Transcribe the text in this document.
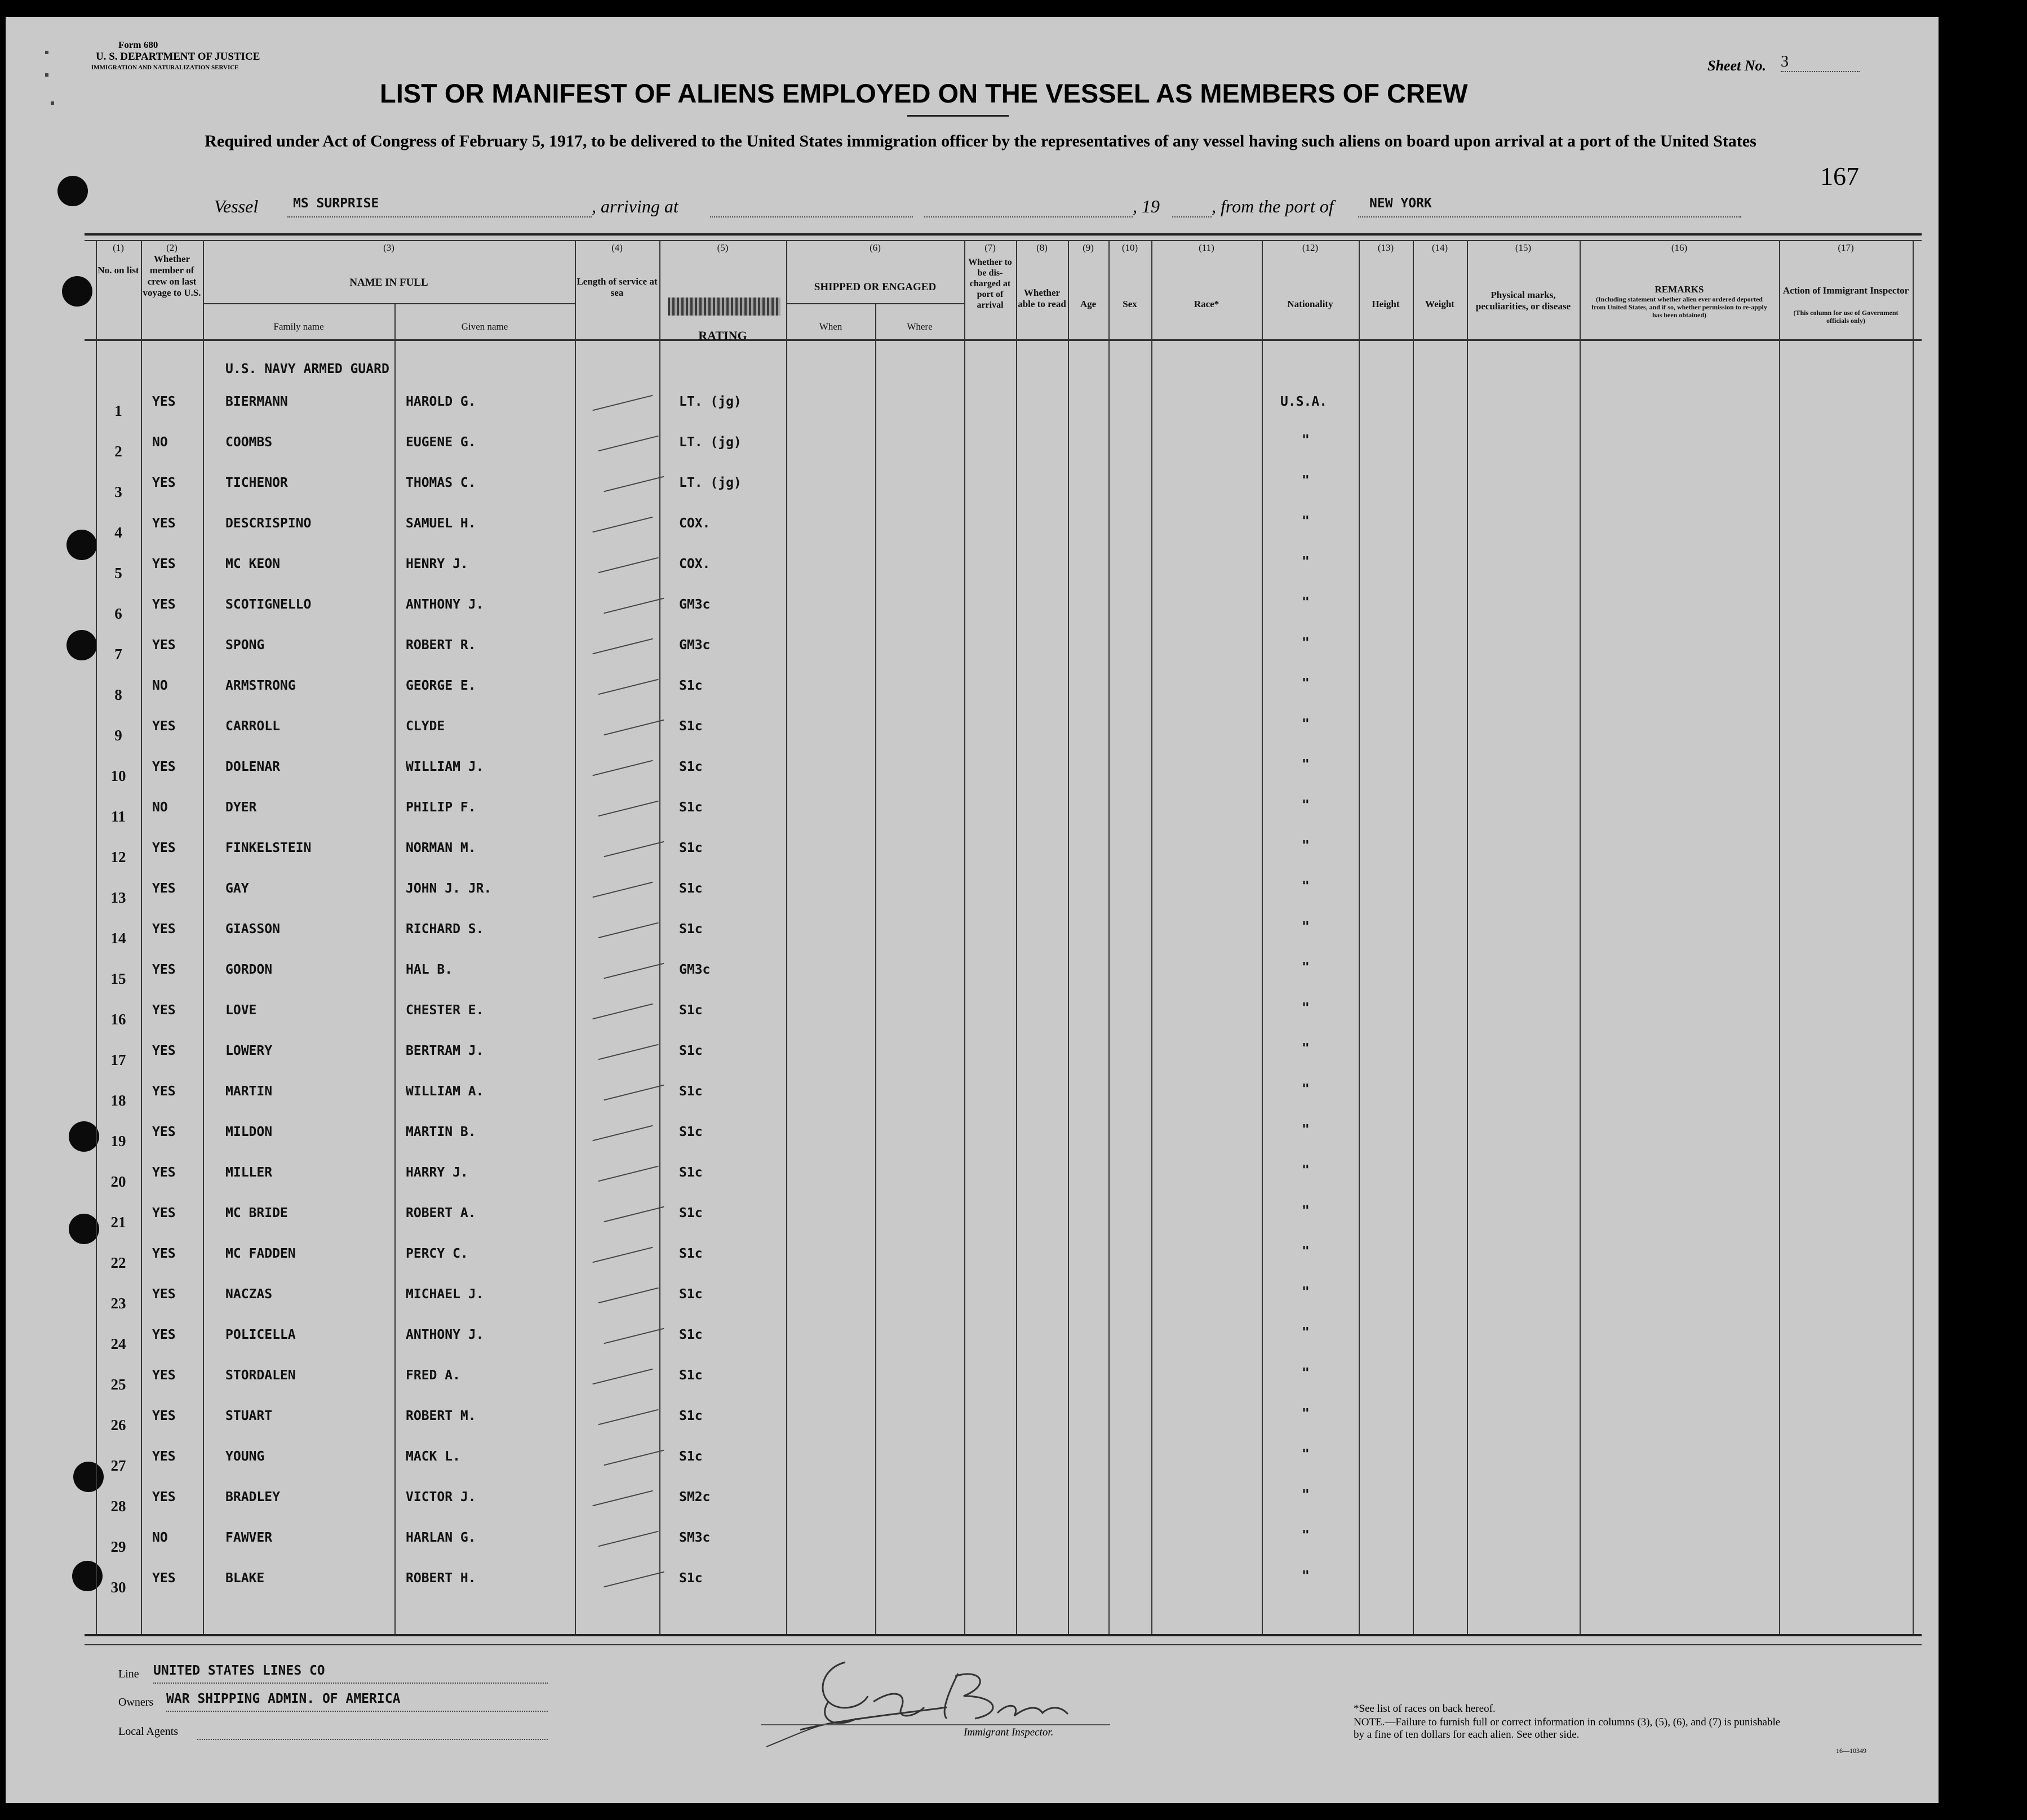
Form 680
U. S. DEPARTMENT OF JUSTICE
IMMIGRATION AND NATURALIZATION SERVICE	Sheet No. 3
LIST OR MANIFEST OF ALIENS EMPLOYED ON THE VESSEL AS MEMBERS OF CREW
Required under Act of Congress of February 5, 1917, to be delivered to the United States immigration officer by the representatives of any vessel having such aliens on board upon arrival at a port of the United States
167
Vessel	MS SURPRISE	, arriving at	, 19	, from the port of	NEW YORK
(1)	(2)	(3)	(4)	(5)	(6)	(7)	(8)	(9)	(10)	(11)	(12)	(13)	(14)	(15)	(16)	(17)
No. on list
Whether member of crew on last voyage to U.S.
NAME IN FULL
Family name	Given name
Length of service at sea
RATING
SHIPPED OR ENGAGED
When	Where
Whether to be dis-charged at port of arrival
Whether able to read	Age	Sex	Race*	Nationality	Height	Weight
Physical marks, peculiarities, or disease
REMARKS
(Including statement whether alien ever ordered deported from United States, and if so, whether permission to re-apply has been obtained)
Action of Immigrant Inspector
(This column for use of Government officials only)
U.S. NAVY ARMED GUARD
1
YES	BIERMANN	HAROLD G.	LT. (jg)	U.S.A.
2
NO	COOMBS	EUGENE G.	LT. (jg)	"
3
YES	TICHENOR	THOMAS C.	LT. (jg)	"
4
YES	DESCRISPINO	SAMUEL H.	COX.	"
5
YES	MC KEON	HENRY J.	COX.	"
6
YES	SCOTIGNELLO	ANTHONY J.	GM3c	"
7
YES	SPONG	ROBERT R.	GM3c	"
8
NO	ARMSTRONG	GEORGE E.	S1c	"
9
YES	CARROLL	CLYDE	S1c	"
10
YES	DOLENAR	WILLIAM J.	S1c	"
11
NO	DYER	PHILIP F.	S1c	"
12
YES	FINKELSTEIN	NORMAN M.	S1c	"
13
YES	GAY	JOHN J. JR.	S1c	"
14
YES	GIASSON	RICHARD S.	S1c	"
15
YES	GORDON	HAL B.	GM3c	"
16
YES	LOVE	CHESTER E.	S1c	"
17
YES	LOWERY	BERTRAM J.	S1c	"
18
YES	MARTIN	WILLIAM A.	S1c	"
19
YES	MILDON	MARTIN B.	S1c	"
20
YES	MILLER	HARRY J.	S1c	"
21
YES	MC BRIDE	ROBERT A.	S1c	"
22
YES	MC FADDEN	PERCY C.	S1c	"
23
YES	NACZAS	MICHAEL J.	S1c	"
24
YES	POLICELLA	ANTHONY J.	S1c	"
25
YES	STORDALEN	FRED A.	S1c	"
26
YES	STUART	ROBERT M.	S1c	"
27
YES	YOUNG	MACK L.	S1c	"
28
YES	BRADLEY	VICTOR J.	SM2c	"
29
NO	FAWVER	HARLAN G.	SM3c	"
30
YES	BLAKE	ROBERT H.	S1c	"
Line UNITED STATES LINES CO
Owners WAR SHIPPING ADMIN. OF AMERICA
Local Agents	Immigrant Inspector.
*See list of races on back hereof.
NOTE.—Failure to furnish full or correct information in columns (3), (5), (6), and (7) is punishable by a fine of ten dollars for each alien. See other side.
16—10349
